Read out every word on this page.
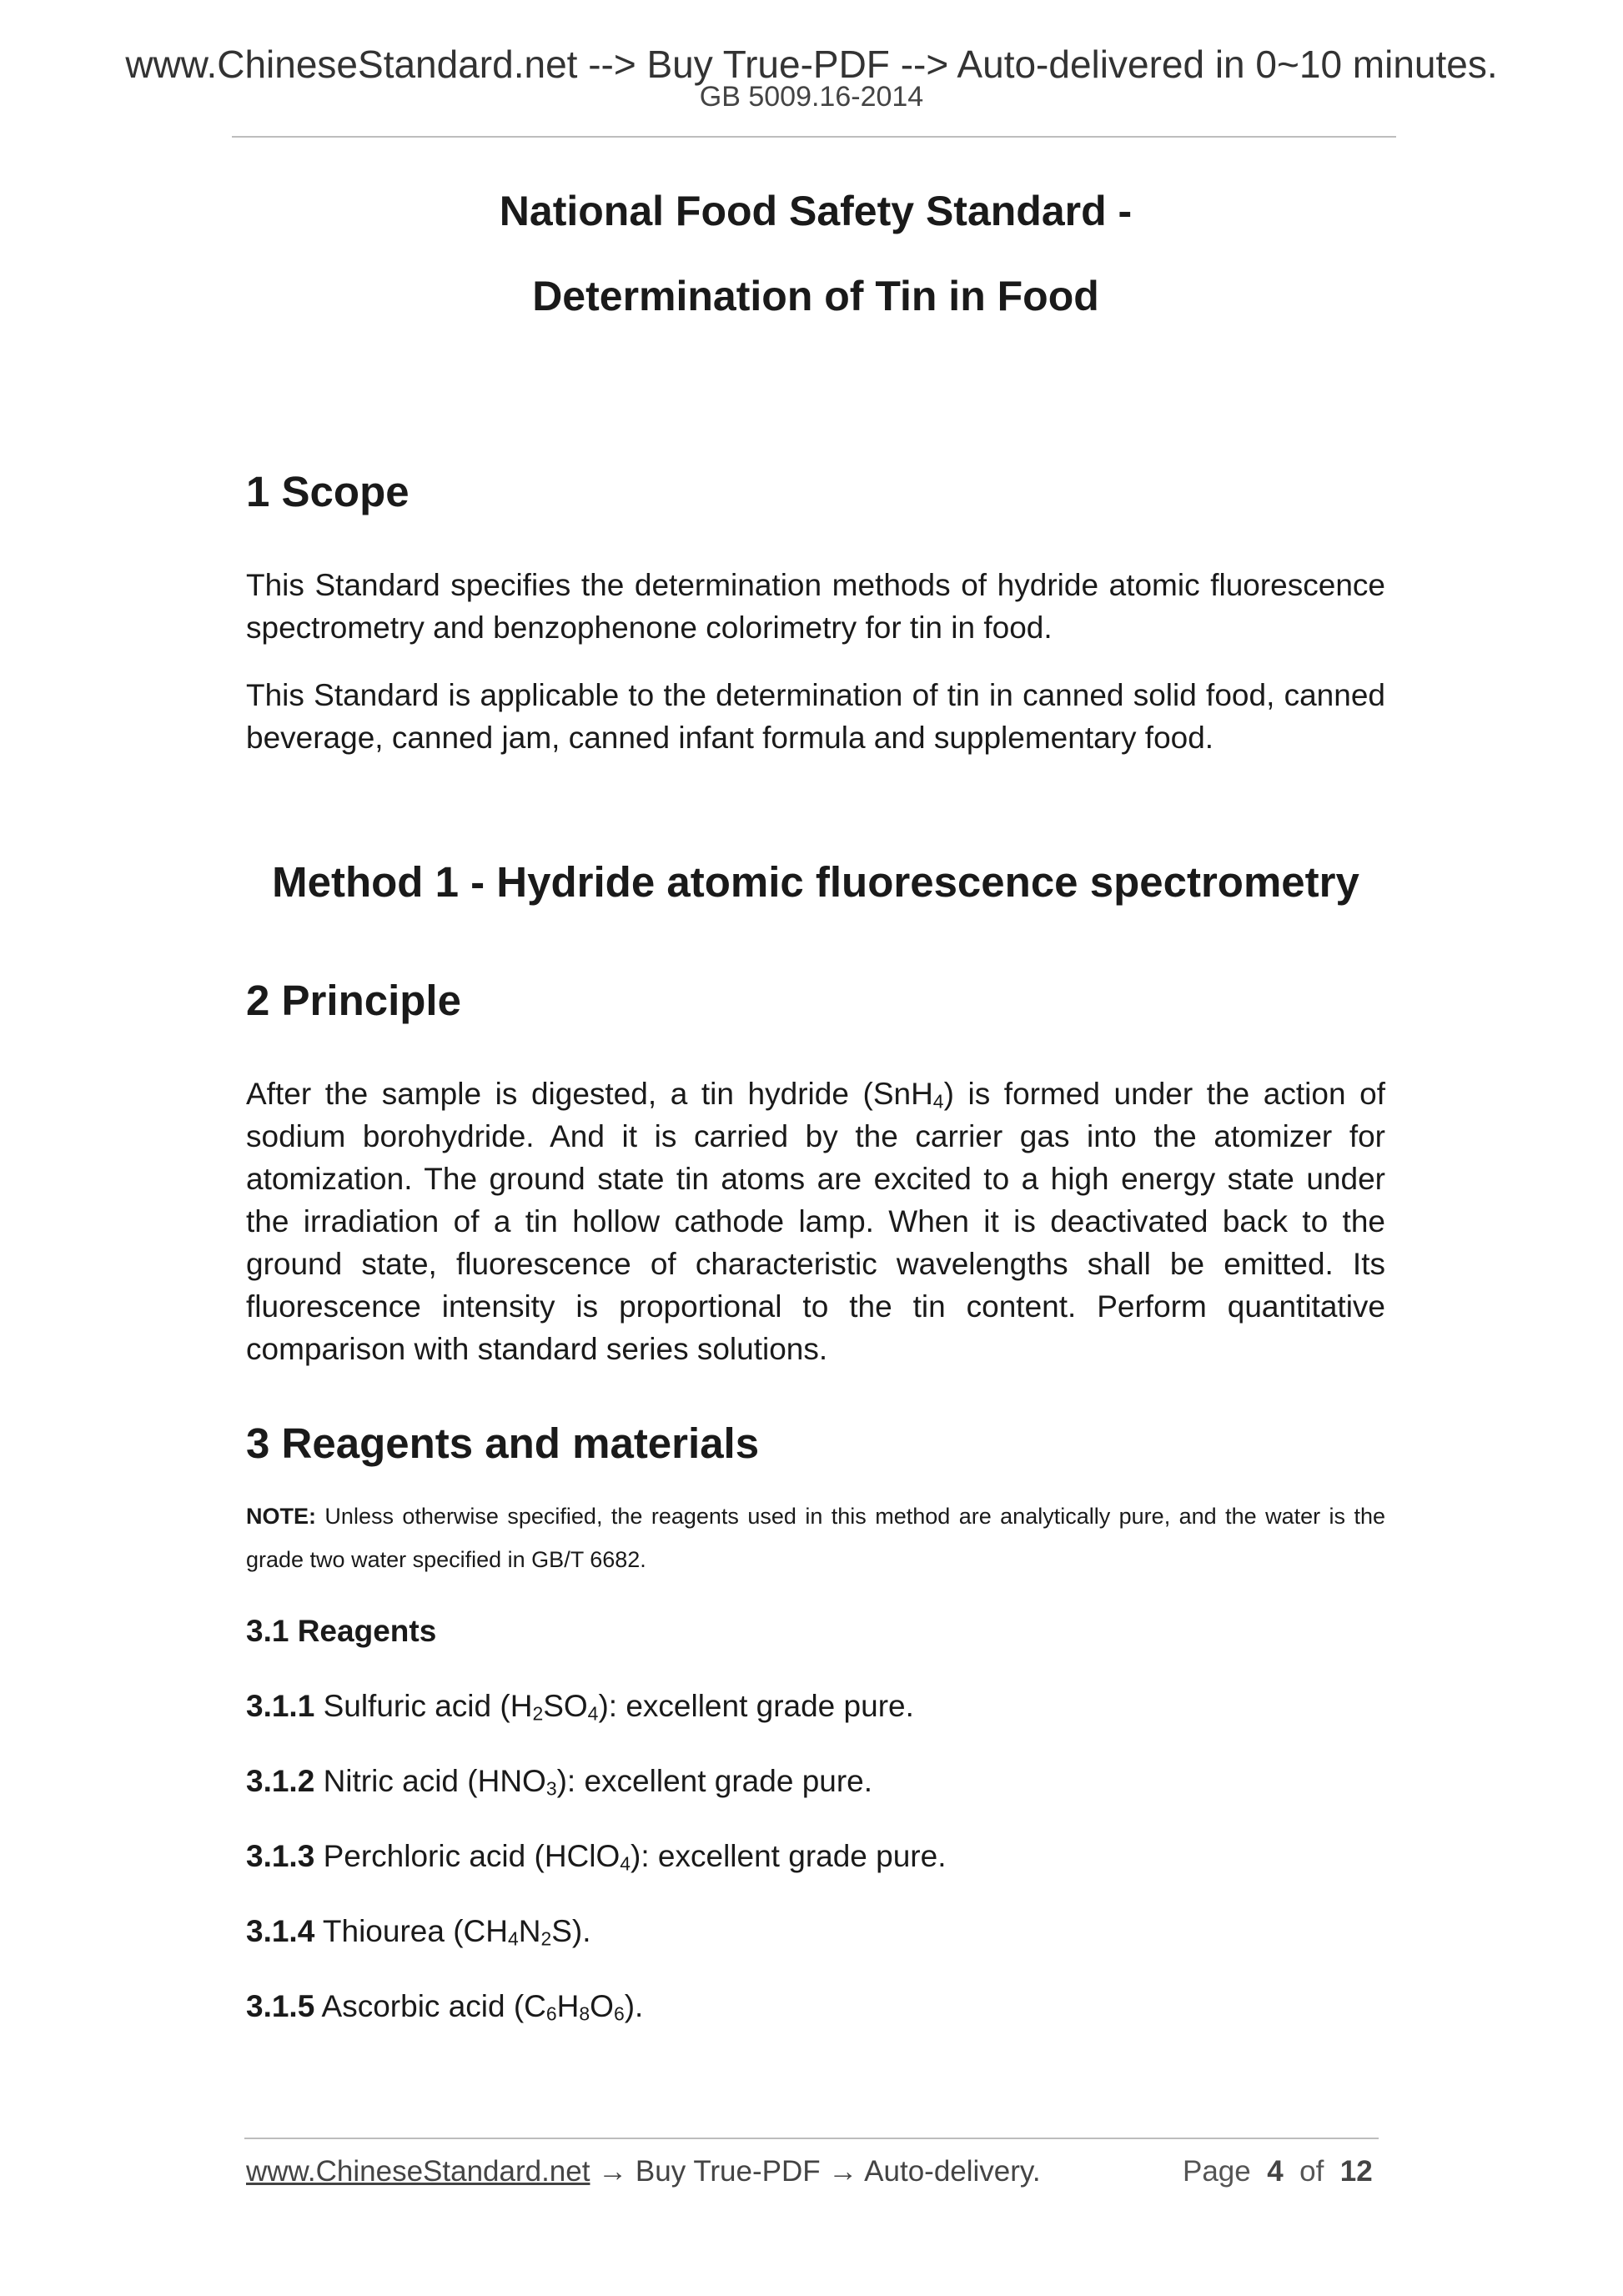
www.ChineseStandard.net --> Buy True-PDF --> Auto-delivered in 0~10 minutes.
GB 5009.16-2014
National Food Safety Standard -
Determination of Tin in Food
1 Scope

This Standard specifies the determination methods of hydride atomic fluorescence spectrometry and benzophenone colorimetry for tin in food.

This Standard is applicable to the determination of tin in canned solid food, canned beverage, canned jam, canned infant formula and supplementary food.

Method 1 - Hydride atomic fluorescence spectrometry
2 Principle

After the sample is digested, a tin hydride (SnH$_4$) is formed under the action of sodium borohydride. And it is carried by the carrier gas into the atomizer for atomization. The ground state tin atoms are excited to a high energy state under the irradiation of a tin hollow cathode lamp. When it is deactivated back to the ground state, fluorescence of characteristic wavelengths shall be emitted. Its fluorescence intensity is proportional to the tin content. Perform quantitative comparison with standard series solutions.

3 Reagents and materials

NOTE: Unless otherwise specified, the reagents used in this method are analytically pure, and the water is the grade two water specified in GB/T 6682.

3.1 Reagents

3.1.1 Sulfuric acid $(H_2SO_4)$: excellent grade pure.

3.1.2 Nitric acid $(HNO_3)$: excellent grade pure.

3.1.3 Perchloric acid (HClO$_4$): excellent grade pure.

3.1.4 Thiourea $(CH_4N_2S)$.

3.1.5 Ascorbic acid $(C_6H_8O_6)$.

www.ChineseStandard.net → Buy True-PDF → Auto-delivery.	Page 4 of 12
